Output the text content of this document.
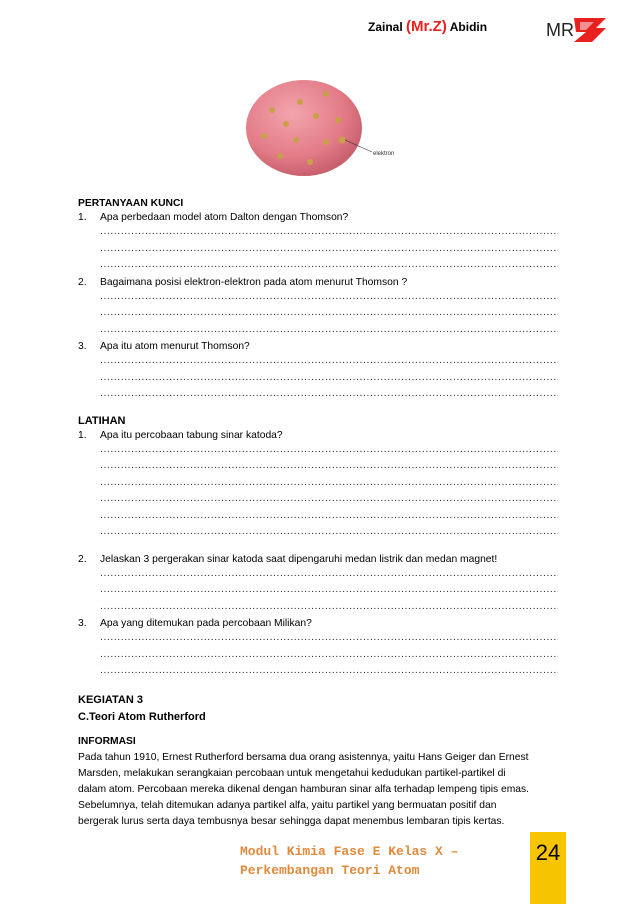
Zainal (Mr.Z) Abidin	MR
elektron

PERTANYAAN KUNCI

1.	Apa perbedaan model atom Dalton dengan Thomson?
.....
.....
.....
2.	Bagaimana posisi elektron-elektron pada atom menurut Thomson ?
.....
.....
.....
3.	Apa itu atom menurut Thomson?
.....
.....
.....

LATIHAN

1.	Apa itu percobaan tabung sinar katoda?
.....
.....
.....
.....
.....
.....
2.	Jelaskan 3 pergerakan sinar katoda saat dipengaruhi medan listrik dan medan magnet!
.....
.....
.....
3.	Apa yang ditemukan pada percobaan Milikan?
.....
.....
.....

KEGIATAN 3

C.Teori Atom Rutherford

INFORMASI

Pada tahun 1910, Ernest Rutherford bersama dua orang asistennya, yaitu Hans Geiger dan Ernest

Marsden, melakukan serangkaian percobaan untuk mengetahui kedudukan partikel-partikel di

dalam atom. Percobaan mereka dikenal dengan hamburan sinar alfa terhadap lempeng tipis emas.

Sebelumnya, telah ditemukan adanya partikel alfa, yaitu partikel yang bermuatan positif dan

bergerak lurus serta daya tembusnya besar sehingga dapat menembus lembaran tipis kertas.

Modul Kimia Fase E Kelas X –
Perkembangan Teori Atom
24
